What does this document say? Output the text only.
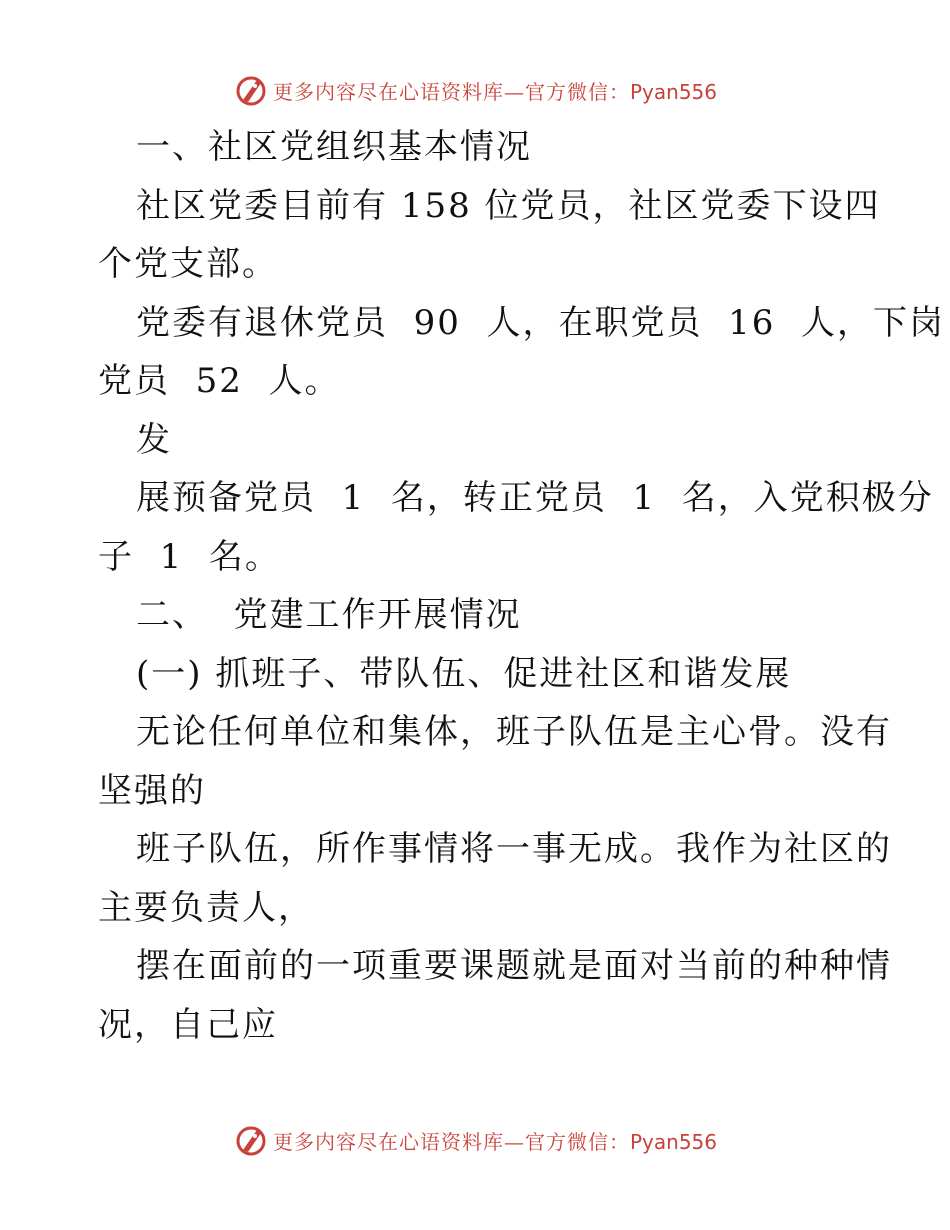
更多内容尽在心语资料库—官方微信：Pyan556
一、社区党组织基本情况
社区党委目前有 158 位党员，社区党委下设四
个党支部。
党委有退休党员  90  人，在职党员  16  人，下岗
党员  52  人。
发
展预备党员  1  名，转正党员  1  名，入党积极分
子  1  名。
二、  党建工作开展情况
(一) 抓班子、带队伍、促进社区和谐发展
无论任何单位和集体，班子队伍是主心骨。没有
坚强的
班子队伍，所作事情将一事无成。我作为社区的
主要负责人，
摆在面前的一项重要课题就是面对当前的种种情
况，自己应
更多内容尽在心语资料库—官方微信：Pyan556
